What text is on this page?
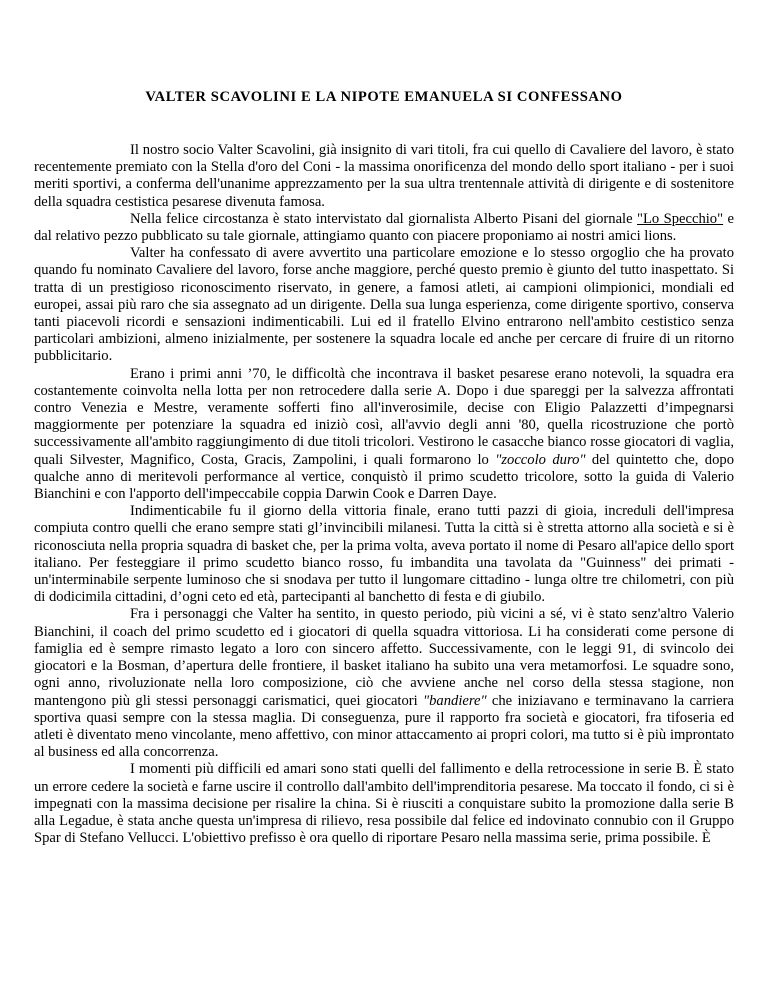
VALTER SCAVOLINI E LA NIPOTE EMANUELA SI CONFESSANO

Il nostro socio Valter Scavolini, già insignito di vari titoli, fra cui quello di Cavaliere del lavoro, è stato recentemente premiato con la Stella d'oro del Coni - la massima onorificenza del mondo dello sport italiano - per i suoi meriti sportivi, a conferma dell'unanime apprezzamento per la sua ultra trentennale attività di dirigente e di sostenitore della squadra cestistica pesarese divenuta famosa.

Nella felice circostanza è stato intervistato dal giornalista Alberto Pisani del giornale "Lo Specchio" e dal relativo pezzo pubblicato su tale giornale, attingiamo quanto con piacere proponiamo ai nostri amici lions.

Valter ha confessato di avere avvertito una particolare emozione e lo stesso orgoglio che ha provato quando fu nominato Cavaliere del lavoro, forse anche maggiore, perché questo premio è giunto del tutto inaspettato. Si tratta di un prestigioso riconoscimento riservato, in genere, a famosi atleti, ai campioni olimpionici, mondiali ed europei, assai più raro che sia assegnato ad un dirigente. Della sua lunga esperienza, come dirigente sportivo, conserva tanti piacevoli ricordi e sensazioni indimenticabili. Lui ed il fratello Elvino entrarono nell'ambito cestistico senza particolari ambizioni, almeno inizialmente, per sostenere la squadra locale ed anche per cercare di fruire di un ritorno pubblicitario.

Erano i primi anni ’70, le difficoltà che incontrava il basket pesarese erano notevoli, la squadra era costantemente coinvolta nella lotta per non retrocedere dalla serie A. Dopo i due spareggi per la salvezza affrontati contro Venezia e Mestre, veramente sofferti fino all'inverosimile, decise con Eligio Palazzetti d’impegnarsi maggiormente per potenziare la squadra ed iniziò così, all'avvio degli anni '80, quella ricostruzione che portò successivamente all'ambito raggiungimento di due titoli tricolori. Vestirono le casacche bianco rosse giocatori di vaglia, quali Silvester, Magnifico, Costa, Gracis, Zampolini, i quali formarono lo "zoccolo duro" del quintetto che, dopo qualche anno di meritevoli performance al vertice, conquistò il primo scudetto tricolore, sotto la guida di Valerio Bianchini e con l'apporto dell'impeccabile coppia Darwin Cook e Darren Daye.

Indimenticabile fu il giorno della vittoria finale, erano tutti pazzi di gioia, increduli dell'impresa compiuta contro quelli che erano sempre stati gl’invincibili milanesi. Tutta la città si è stretta attorno alla società e si è riconosciuta nella propria squadra di basket che, per la prima volta, aveva portato il nome di Pesaro all'apice dello sport italiano. Per festeggiare il primo scudetto bianco rosso, fu imbandita una tavolata da "Guinness" dei primati - un'interminabile serpente luminoso che si snodava per tutto il lungomare cittadino - lunga oltre tre chilometri, con più di dodicimila cittadini, d’ogni ceto ed età, partecipanti al banchetto di festa e di giubilo.

Fra i personaggi che Valter ha sentito, in questo periodo, più vicini a sé, vi è stato senz'altro Valerio Bianchini, il coach del primo scudetto ed i giocatori di quella squadra vittoriosa. Li ha considerati come persone di famiglia ed è sempre rimasto legato a loro con sincero affetto. Successivamente, con le leggi 91, di svincolo dei giocatori e la Bosman, d’apertura delle frontiere, il basket italiano ha subito una vera metamorfosi. Le squadre sono, ogni anno, rivoluzionate nella loro composizione, ciò che avviene anche nel corso della stessa stagione, non mantengono più gli stessi personaggi carismatici, quei giocatori "bandiere" che iniziavano e terminavano la carriera sportiva quasi sempre con la stessa maglia. Di conseguenza, pure il rapporto fra società e giocatori, fra tifoseria ed atleti è diventato meno vincolante, meno affettivo, con minor attaccamento ai propri colori, ma tutto si è più improntato al business ed alla concorrenza.

I momenti più difficili ed amari sono stati quelli del fallimento e della retrocessione in serie B. È stato un errore cedere la società e farne uscire il controllo dall'ambito dell'imprenditoria pesarese. Ma toccato il fondo, ci si è impegnati con la massima decisione per risalire la china. Si è riusciti a conquistare subito la promozione dalla serie B alla Legadue, è stata anche questa un'impresa di rilievo, resa possibile dal felice ed indovinato connubio con il Gruppo Spar di Stefano Vellucci. L'obiettivo prefisso è ora quello di riportare Pesaro nella massima serie, prima possibile. È
